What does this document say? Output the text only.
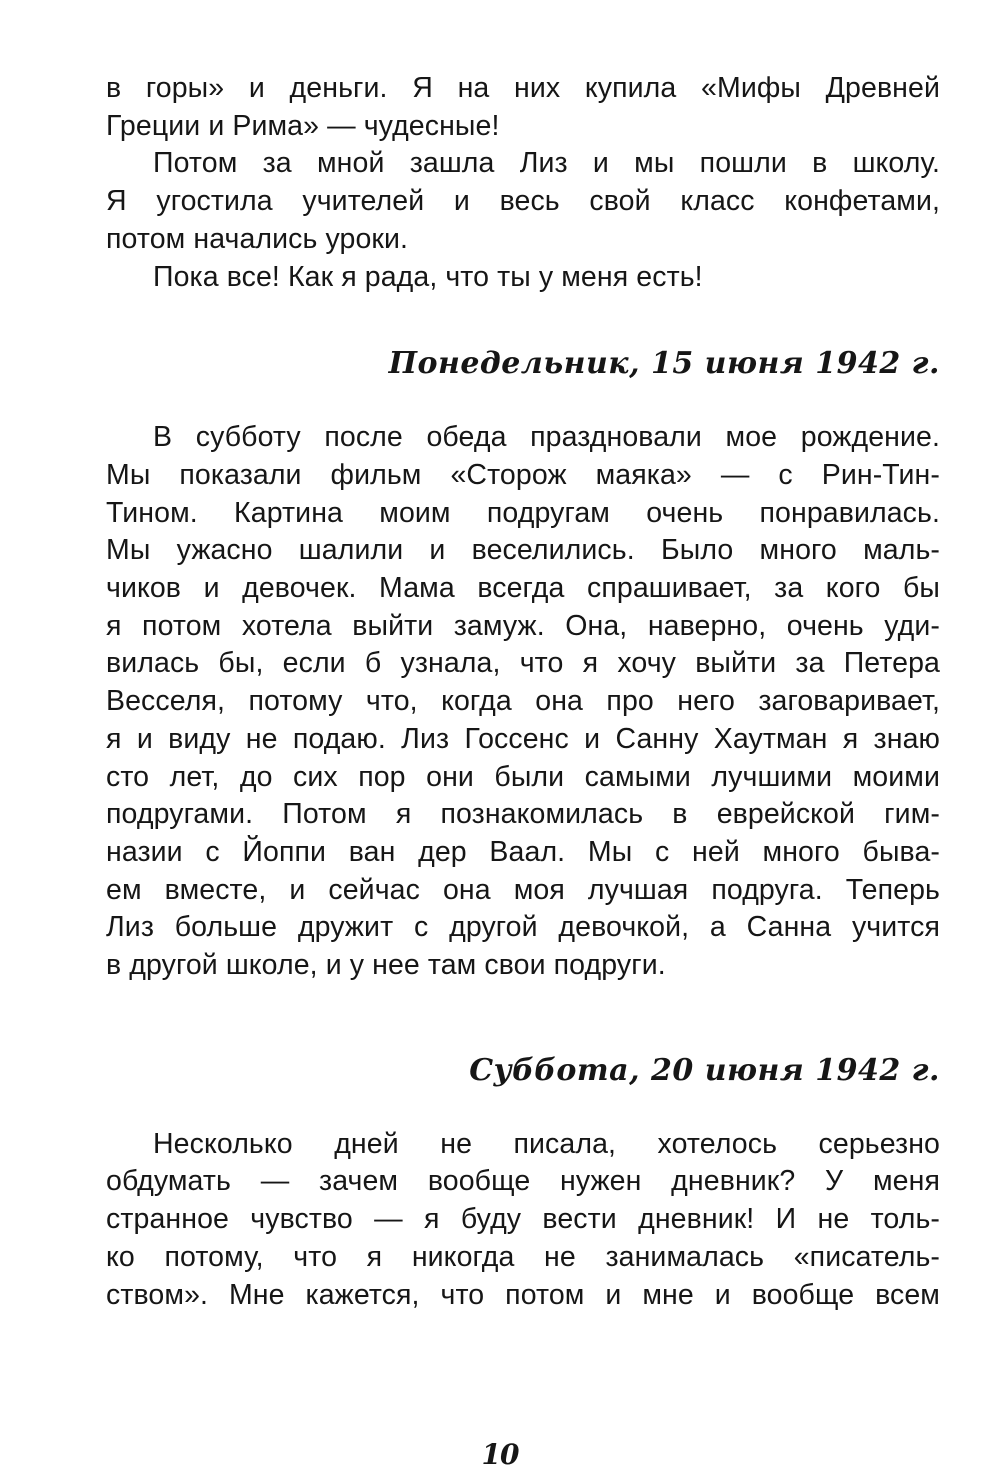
в горы» и деньги. Я на них купила «Мифы Древней
Греции и Рима» — чудесные!
Потом за мной зашла Лиз и мы пошли в школу.
Я угостила учителей и весь свой класс конфетами,
потом начались уроки.
Пока все! Как я рада, что ты у меня есть!
Понедельник, 15 июня 1942 г.
В субботу после обеда праздновали мое рождение.
Мы показали фильм «Сторож маяка» — с Рин-Тин-
Тином. Картина моим подругам очень понравилась.
Мы ужасно шалили и веселились. Было много маль-
чиков и девочек. Мама всегда спрашивает, за кого бы
я потом хотела выйти замуж. Она, наверно, очень уди-
вилась бы, если б узнала, что я хочу выйти за Петера
Весселя, потому что, когда она про него заговаривает,
я и виду не подаю. Лиз Госсенс и Санну Хаутман я знаю
сто лет, до сих пор они были самыми лучшими моими
подругами. Потом я познакомилась в еврейской гим-
назии с Йоппи ван дер Ваал. Мы с ней много быва-
ем вместе, и сейчас она моя лучшая подруга. Теперь
Лиз больше дружит с другой девочкой, а Санна учится
в другой школе, и у нее там свои подруги.
Суббота, 20 июня 1942 г.
Несколько дней не писала, хотелось серьезно
обдумать — зачем вообще нужен дневник? У меня
странное чувство — я буду вести дневник! И не толь-
ко потому, что я никогда не занималась «писатель-
ством». Мне кажется, что потом и мне и вообще всем
10
